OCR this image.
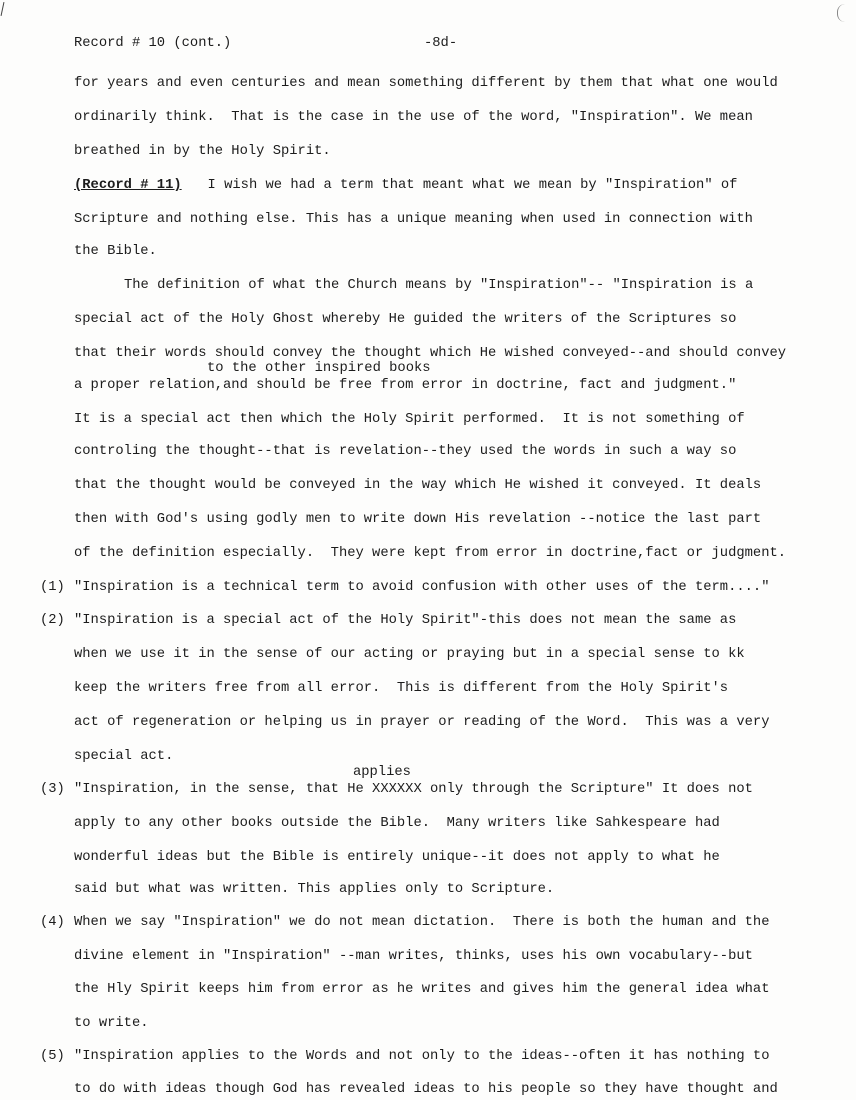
Record # 10 (cont.)	-8d-
for years and even centuries and mean something different by them that what one would
ordinarily think.  That is the case in the use of the word, "Inspiration". We mean
breathed in by the Holy Spirit.
(Record # 11) I wish we had a term that meant what we mean by "Inspiration" of
Scripture and nothing else. This has a unique meaning when used in connection with
the Bible.
The definition of what the Church means by "Inspiration"-- "Inspiration is a
special act of the Holy Ghost whereby He guided the writers of the Scriptures so
that their words should convey the thought which He wished conveyed--and should convey
to the other inspired books
a proper relation,and should be free from error in doctrine, fact and judgment."
It is a special act then which the Holy Spirit performed.  It is not something of
controling the thought--that is revelation--they used the words in such a way so
that the thought would be conveyed in the way which He wished it conveyed. It deals
then with God's using godly men to write down His revelation --notice the last part
of the definition especially.  They were kept from error in doctrine,fact or judgment.
(1) "Inspiration is a technical term to avoid confusion with other uses of the term...."
(2) "Inspiration is a special act of the Holy Spirit"-this does not mean the same as
when we use it in the sense of our acting or praying but in a special sense to kk
keep the writers free from all error.  This is different from the Holy Spirit's
act of regeneration or helping us in prayer or reading of the Word.  This was a very
special act.
applies
(3) "Inspiration, in the sense, that He XXXXXX only through the Scripture" It does not
apply to any other books outside the Bible.  Many writers like Sahkespeare had
wonderful ideas but the Bible is entirely unique--it does not apply to what he
said but what was written. This applies only to Scripture.
(4) When we say "Inspiration" we do not mean dictation.  There is both the human and the
divine element in "Inspiration" --man writes, thinks, uses his own vocabulary--but
the Hly Spirit keeps him from error as he writes and gives him the general idea what
to write.
(5) "Inspiration applies to the Words and not only to the ideas--often it has nothing to
to do with ideas though God has revealed ideas to his people so they have thought and
